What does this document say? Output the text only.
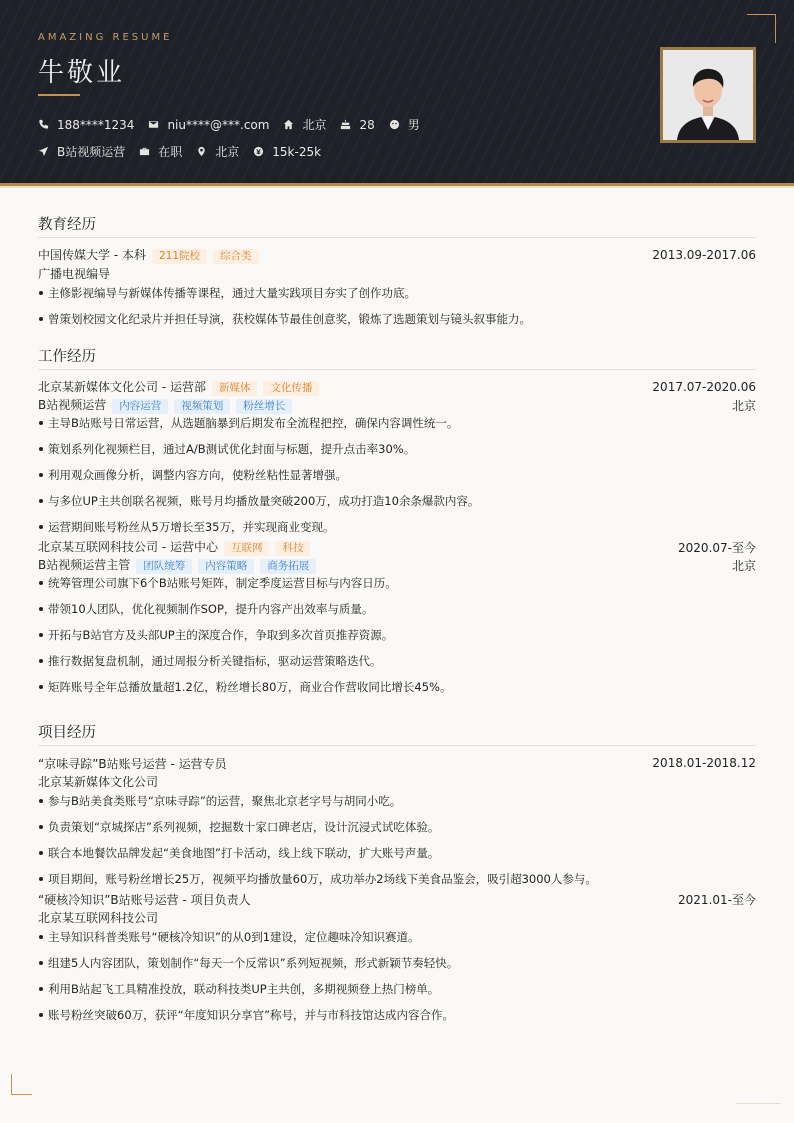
AMAZING RESUME
牛敬业
188****1234	niu****@***.com	北京	28	男
B站视频运营	在职	北京	15k-25k
教育经历
中国传媒大学 - 本科 211院校 综合类	2013.09-2017.06
广播电视编导
主修影视编导与新媒体传播等课程，通过大量实践项目夯实了创作功底。
曾策划校园文化纪录片并担任导演，获校媒体节最佳创意奖，锻炼了选题策划与镜头叙事能力。
工作经历
北京某新媒体文化公司 - 运营部 新媒体 文化传播	2017.07-2020.06
B站视频运营 内容运营 视频策划 粉丝增长	北京
主导B站账号日常运营，从选题脑暴到后期发布全流程把控，确保内容调性统一。
策划系列化视频栏目，通过A/B测试优化封面与标题，提升点击率30%。
利用观众画像分析，调整内容方向，使粉丝粘性显著增强。
与多位UP主共创联名视频，账号月均播放量突破200万，成功打造10余条爆款内容。
运营期间账号粉丝从5万增长至35万，并实现商业变现。
北京某互联网科技公司 - 运营中心 互联网 科技	2020.07-至今
B站视频运营主管 团队统筹 内容策略 商务拓展	北京
统筹管理公司旗下6个B站账号矩阵，制定季度运营目标与内容日历。
带领10人团队，优化视频制作SOP，提升内容产出效率与质量。
开拓与B站官方及头部UP主的深度合作，争取到多次首页推荐资源。
推行数据复盘机制，通过周报分析关键指标，驱动运营策略迭代。
矩阵账号全年总播放量超1.2亿，粉丝增长80万，商业合作营收同比增长45%。
项目经历
“京味寻踪”B站账号运营 - 运营专员	2018.01-2018.12
北京某新媒体文化公司
参与B站美食类账号“京味寻踪”的运营，聚焦北京老字号与胡同小吃。
负责策划“京城探店”系列视频，挖掘数十家口碑老店，设计沉浸式试吃体验。
联合本地餐饮品牌发起“美食地图”打卡活动，线上线下联动，扩大账号声量。
项目期间，账号粉丝增长25万，视频平均播放量60万，成功举办2场线下美食品鉴会，吸引超3000人参与。
“硬核冷知识”B站账号运营 - 项目负责人	2021.01-至今
北京某互联网科技公司
主导知识科普类账号“硬核冷知识”的从0到1建设，定位趣味冷知识赛道。
组建5人内容团队，策划制作“每天一个反常识”系列短视频，形式新颖节奏轻快。
利用B站起飞工具精准投放，联动科技类UP主共创，多期视频登上热门榜单。
账号粉丝突破60万，获评“年度知识分享官”称号，并与市科技馆达成内容合作。
